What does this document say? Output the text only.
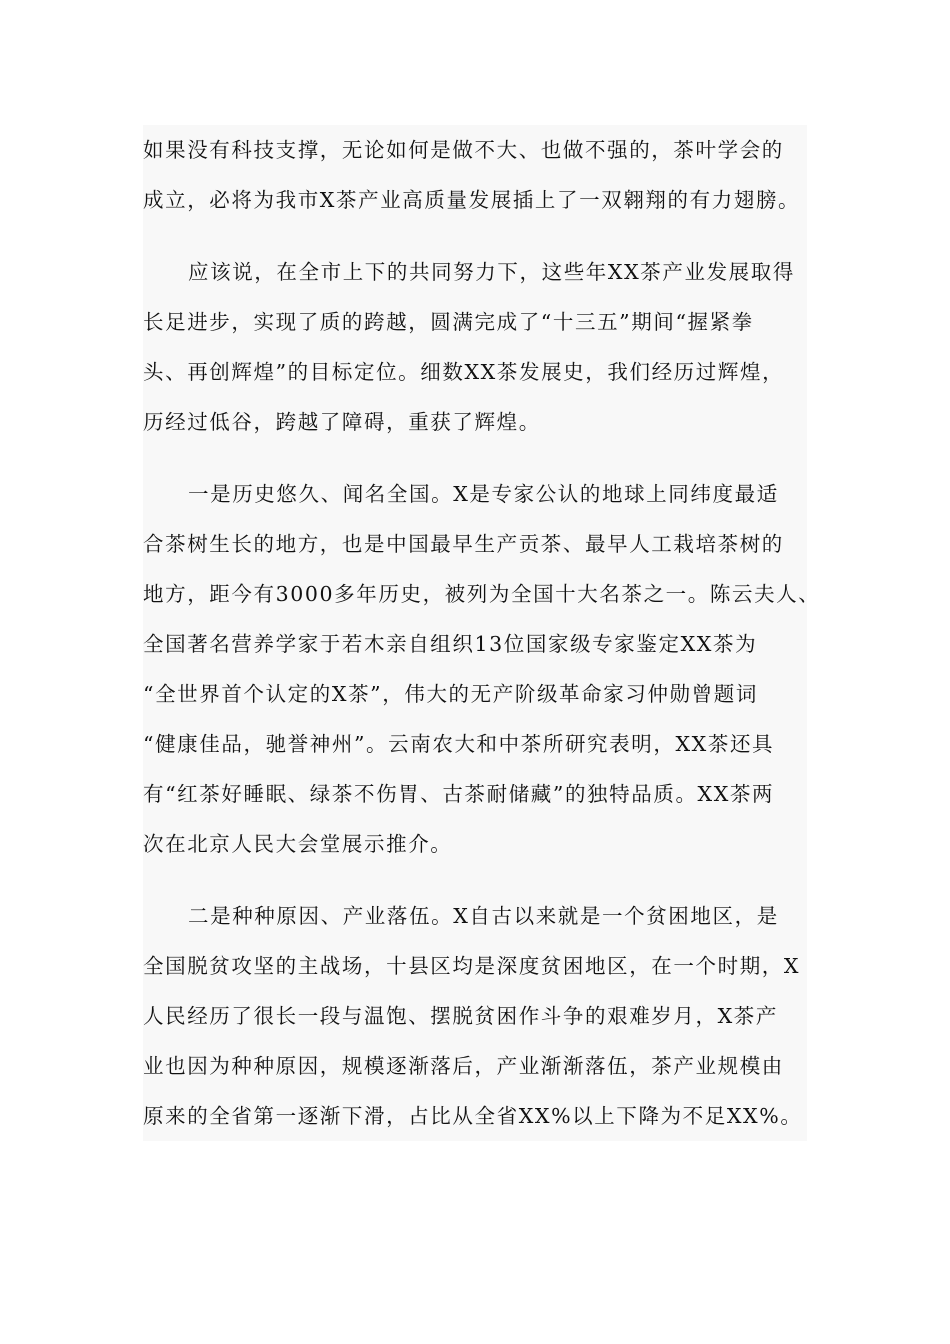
如果没有科技支撑，无论如何是做不大、也做不强的，茶叶学会的
成立，必将为我市X茶产业高质量发展插上了一双翱翔的有力翅膀。
应该说，在全市上下的共同努力下，这些年XX茶产业发展取得
长足进步，实现了质的跨越，圆满完成了“十三五”期间“握紧拳
头、再创辉煌”的目标定位。细数XX茶发展史，我们经历过辉煌，
历经过低谷，跨越了障碍，重获了辉煌。
一是历史悠久、闻名全国。X是专家公认的地球上同纬度最适
合茶树生长的地方，也是中国最早生产贡茶、最早人工栽培茶树的
地方，距今有3000多年历史，被列为全国十大名茶之一。陈云夫人、
全国著名营养学家于若木亲自组织13位国家级专家鉴定XX茶为
“全世界首个认定的X茶”，伟大的无产阶级革命家习仲勋曾题词
“健康佳品，驰誉神州”。云南农大和中茶所研究表明，XX茶还具
有“红茶好睡眠、绿茶不伤胃、古茶耐储藏”的独特品质。XX茶两
次在北京人民大会堂展示推介。
二是种种原因、产业落伍。X自古以来就是一个贫困地区，是
全国脱贫攻坚的主战场，十县区均是深度贫困地区，在一个时期，X
人民经历了很长一段与温饱、摆脱贫困作斗争的艰难岁月，X茶产
业也因为种种原因，规模逐渐落后，产业渐渐落伍，茶产业规模由
原来的全省第一逐渐下滑，占比从全省XX%以上下降为不足XX%。
